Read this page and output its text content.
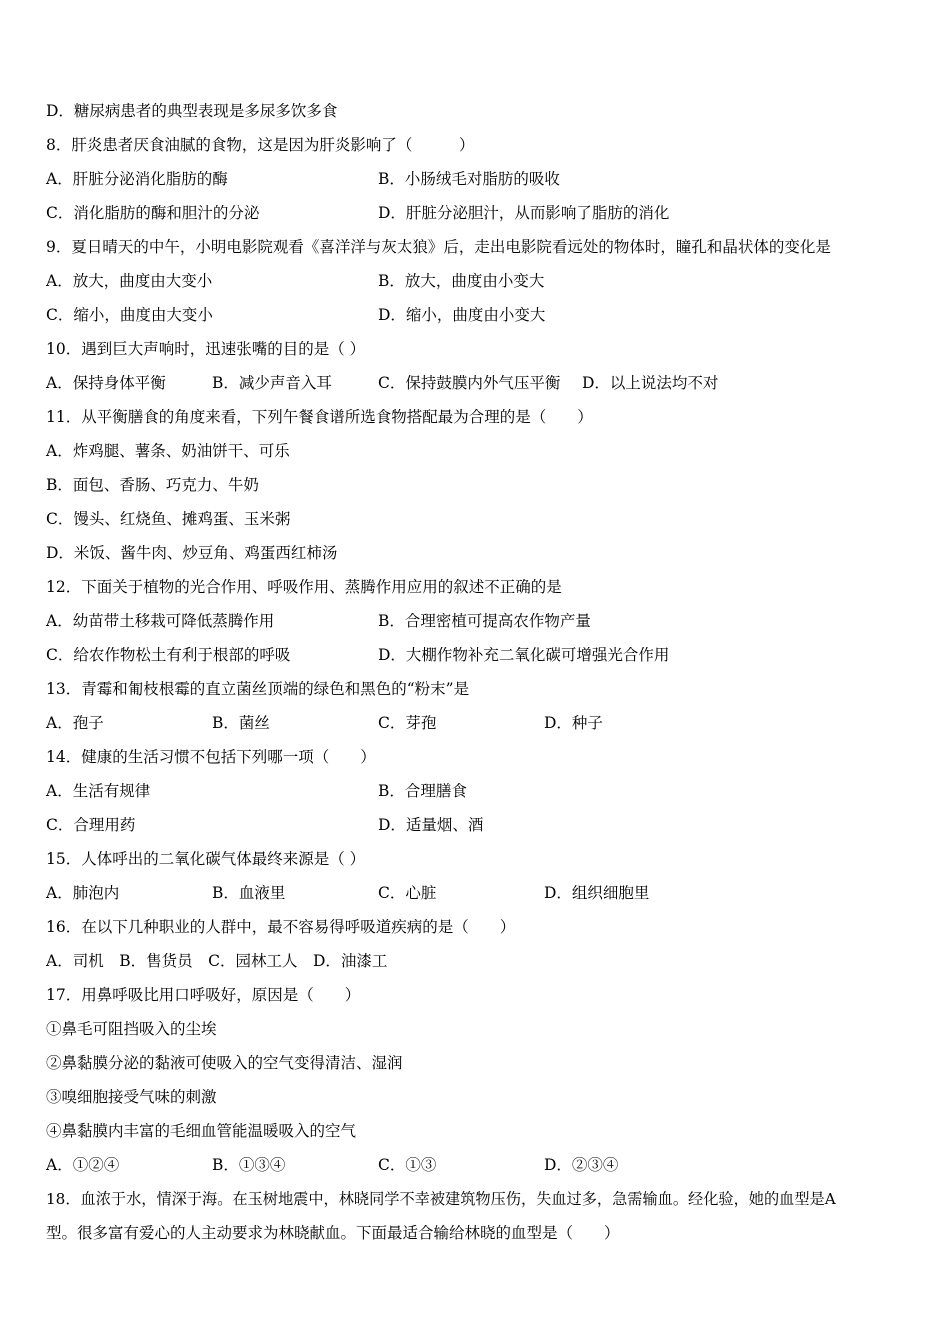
D．糖尿病患者的典型表现是多尿多饮多食
8．肝炎患者厌食油腻的食物，这是因为肝炎影响了（　　　）
A．肝脏分泌消化脂肪的酶	B．小肠绒毛对脂肪的吸收
C．消化脂肪的酶和胆汁的分泌	D．肝脏分泌胆汁，从而影响了脂肪的消化
9．夏日晴天的中午，小明电影院观看《喜洋洋与灰太狼》后，走出电影院看远处的物体时，瞳孔和晶状体的变化是
A．放大，曲度由大变小	B．放大，曲度由小变大
C．缩小，曲度由大变小	D．缩小，曲度由小变大
10．遇到巨大声响时，迅速张嘴的目的是（ ）
A．保持身体平衡	B．减少声音入耳	C．保持鼓膜内外气压平衡 D．以上说法均不对
11．从平衡膳食的角度来看，下列午餐食谱所选食物搭配最为合理的是（　　）
A．炸鸡腿、薯条、奶油饼干、可乐
B．面包、香肠、巧克力、牛奶
C．馒头、红烧鱼、摊鸡蛋、玉米粥
D．米饭、酱牛肉、炒豆角、鸡蛋西红柿汤
12．下面关于植物的光合作用、呼吸作用、蒸腾作用应用的叙述不正确的是
A．幼苗带土移栽可降低蒸腾作用	B．合理密植可提高农作物产量
C．给农作物松土有利于根部的呼吸	D．大棚作物补充二氧化碳可增强光合作用
13．青霉和匍枝根霉的直立菌丝顶端的绿色和黑色的“粉末”是
A．孢子	B．菌丝	C．芽孢	D．种子
14．健康的生活习惯不包括下列哪一项（　　）
A．生活有规律	B．合理膳食
C．合理用药	D．适量烟、酒
15．人体呼出的二氧化碳气体最终来源是（ ）
A．肺泡内	B．血液里	C．心脏	D．组织细胞里
16．在以下几种职业的人群中，最不容易得呼吸道疾病的是（　　）
A．司机　B．售货员　C．园林工人　D．油漆工
17．用鼻呼吸比用口呼吸好，原因是（　　）
①鼻毛可阻挡吸入的尘埃
②鼻黏膜分泌的黏液可使吸入的空气变得清洁、湿润
③嗅细胞接受气味的刺激
④鼻黏膜内丰富的毛细血管能温暖吸入的空气
A．①②④	B．①③④	C．①③	D．②③④
18．血浓于水，情深于海。在玉树地震中，林晓同学不幸被建筑物压伤，失血过多，急需输血。经化验，她的血型是A
型。很多富有爱心的人主动要求为林晓献血。下面最适合输给林晓的血型是（　　）
